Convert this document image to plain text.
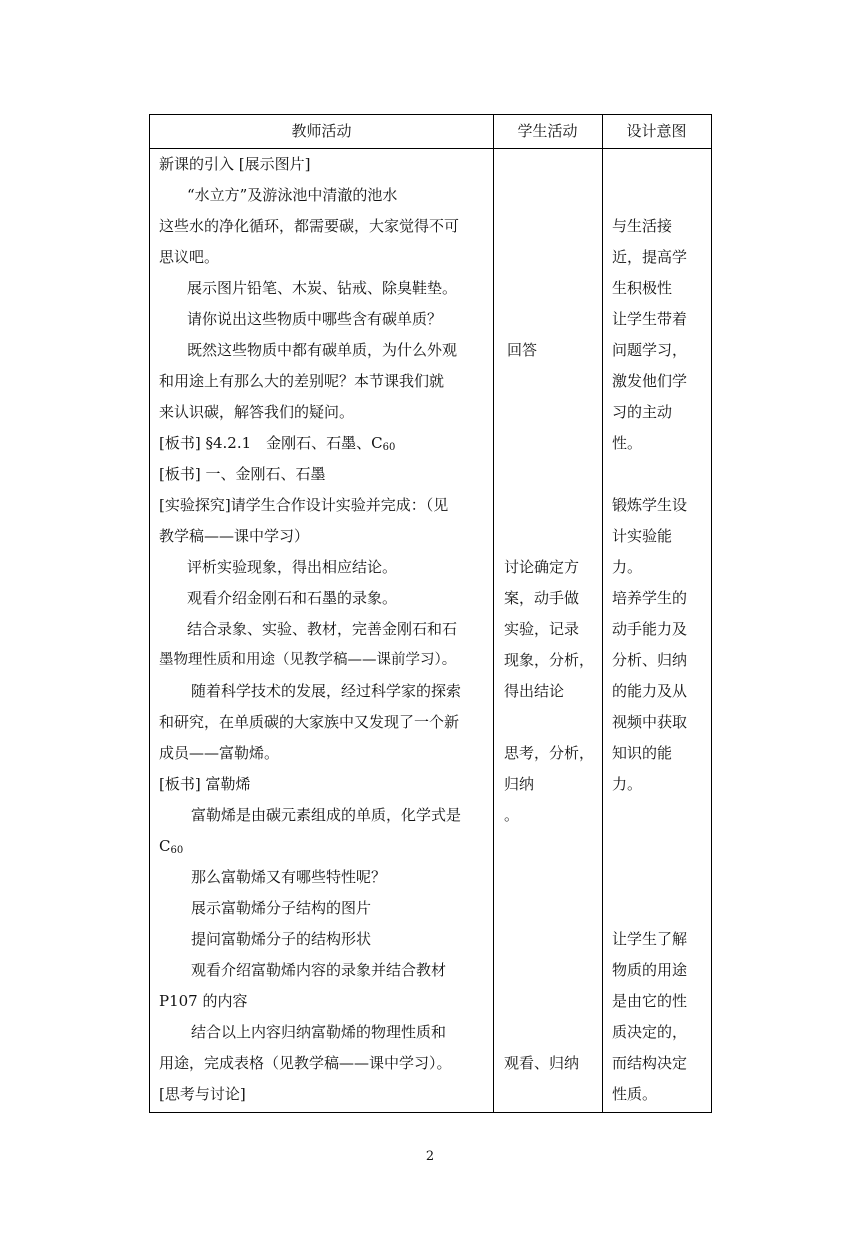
教师活动	学生活动	设计意图
新课的引入 [展示图片]
“水立方”及游泳池中清澈的池水
这些水的净化循环，都需要碳，大家觉得不可
思议吧。
展示图片铅笔、木炭、钻戒、除臭鞋垫。
请你说出这些物质中哪些含有碳单质？
既然这些物质中都有碳单质，为什么外观
和用途上有那么大的差别呢？本节课我们就
来认识碳，解答我们的疑问。
[板书] §4.2.1　金刚石、石墨、$C_{60}$
[板书] 一、金刚石、石墨
[实验探究]请学生合作设计实验并完成：（见
教学稿——课中学习）
评析实验现象，得出相应结论。
观看介绍金刚石和石墨的录象。
结合录象、实验、教材，完善金刚石和石
墨物理性质和用途（见教学稿——课前学习）。
随着科学技术的发展，经过科学家的探索
和研究，在单质碳的大家族中又发现了一个新
成员——富勒烯。
[板书] 富勒烯
富勒烯是由碳元素组成的单质，化学式是
$C_{60}$
那么富勒烯又有哪些特性呢？
展示富勒烯分子结构的图片
提问富勒烯分子的结构形状
观看介绍富勒烯内容的录象并结合教材
P107 的内容
结合以上内容归纳富勒烯的物理性质和
用途，完成表格（见教学稿——课中学习）。
[思考与讨论]
回答
讨论确定方
案，动手做
实验，记录
现象，分析，
得出结论
思考，分析，
归纳
。
观看、归纳
与生活接
近，提高学
生积极性
让学生带着
问题学习，
激发他们学
习的主动
性。
锻炼学生设
计实验能
力。
培养学生的
动手能力及
分析、归纳
的能力及从
视频中获取
知识的能
力。
让学生了解
物质的用途
是由它的性
质决定的，
而结构决定
性质。
2
